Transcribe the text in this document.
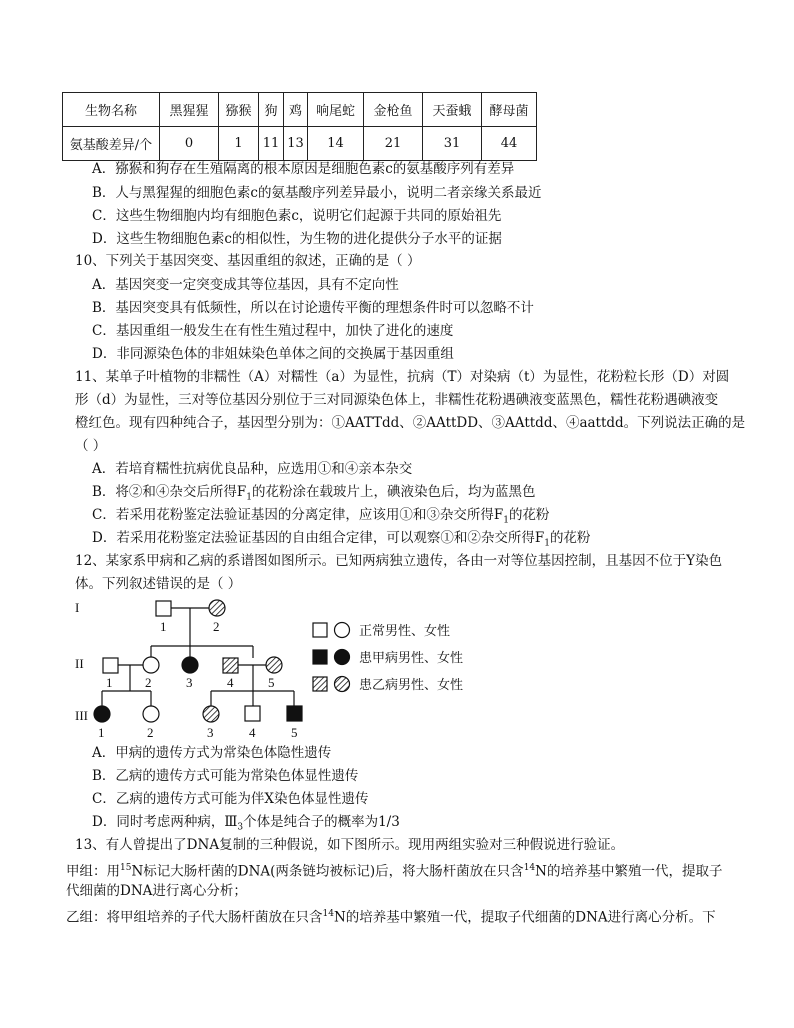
生物名称	黑猩猩	猕猴	狗	鸡	响尾蛇	金枪鱼	天蚕蛾	酵母菌
氨基酸差异/个	0	1	11	13	14	21	31	44
A．猕猴和狗存在生殖隔离的根本原因是细胞色素c的氨基酸序列有差异
B．人与黑猩猩的细胞色素c的氨基酸序列差异最小，说明二者亲缘关系最近
C．这些生物细胞内均有细胞色素c，说明它们起源于共同的原始祖先
D．这些生物细胞色素c的相似性，为生物的进化提供分子水平的证据
10、下列关于基因突变、基因重组的叙述，正确的是（ ）
A．基因突变一定突变成其等位基因，具有不定向性
B．基因突变具有低频性，所以在讨论遗传平衡的理想条件时可以忽略不计
C．基因重组一般发生在有性生殖过程中，加快了进化的速度
D．非同源染色体的非姐妹染色单体之间的交换属于基因重组
11、某单子叶植物的非糯性（A）对糯性（a）为显性，抗病（T）对染病（t）为显性，花粉粒长形（D）对圆
形（d）为显性，三对等位基因分别位于三对同源染色体上，非糯性花粉遇碘液变蓝黑色，糯性花粉遇碘液变
橙红色。现有四种纯合子，基因型分别为：①AATTdd、②AAttDD、③AAttdd、④aattdd。下列说法正确的是
（ ）
A．若培育糯性抗病优良品种，应选用①和④亲本杂交
B．将②和④杂交后所得$F_1$的花粉涂在载玻片上，碘液染色后，均为蓝黑色
C．若采用花粉鉴定法验证基因的分离定律，应该用①和③杂交所得$F_1$的花粉
D．若采用花粉鉴定法验证基因的自由组合定律，可以观察①和②杂交所得$F_1$的花粉
12、某家系甲病和乙病的系谱图如图所示。已知两病独立遗传，各由一对等位基因控制，且基因不位于Y染色
体。下列叙述错误的是（ ）
I
II
III
1	2
1	2	3	4	5
1	2	3	4	5
正常男性、女性
患甲病男性、女性
患乙病男性、女性
A．甲病的遗传方式为常染色体隐性遗传
B．乙病的遗传方式可能为常染色体显性遗传
C．乙病的遗传方式可能为伴X染色体显性遗传
D．同时考虑两种病，$Ⅲ_3$个体是纯合子的概率为1/3
13、有人曾提出了DNA复制的三种假说，如下图所示。现用两组实验对三种假说进行验证。
甲组：用$^{15}$N标记大肠杆菌的DNA(两条链均被标记)后，将大肠杆菌放在只含$^{14}$N的培养基中繁殖一代，提取子
代细菌的DNA进行离心分析；
乙组：将甲组培养的子代大肠杆菌放在只含$^{14}$N的培养基中繁殖一代，提取子代细菌的DNA进行离心分析。下
